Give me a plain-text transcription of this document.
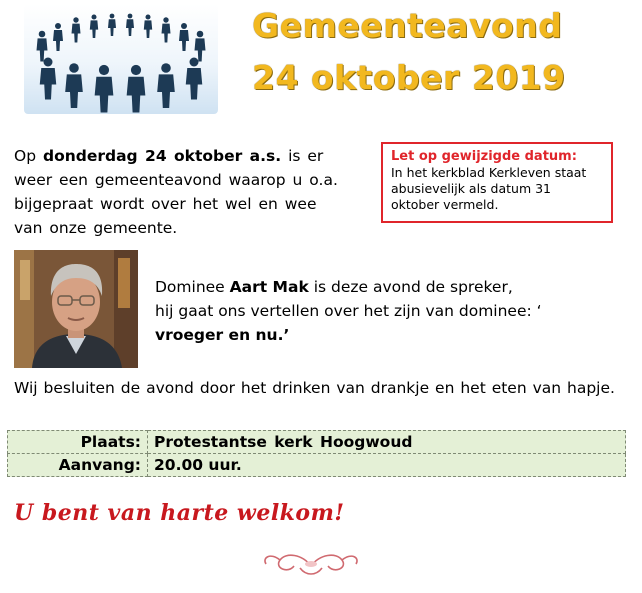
Gemeenteavond
24 oktober 2019
Op donderdag 24 oktober a.s. is er weer een gemeenteavond waarop u o.a. bijgepraat wordt over het wel en wee van onze gemeente.
Let op gewijzigde datum:
In het kerkblad Kerkleven staat abusievelijk als datum 31 oktober vermeld.
Dominee Aart Mak is deze avond de spreker,
hij gaat ons vertellen over het zijn van dominee: ‘
vroeger en nu.’
Wij besluiten de avond door het drinken van drankje en het eten van hapje.
Plaats:	Protestantse kerk Hoogwoud
Aanvang:	20.00 uur.
U bent van harte welkom!
